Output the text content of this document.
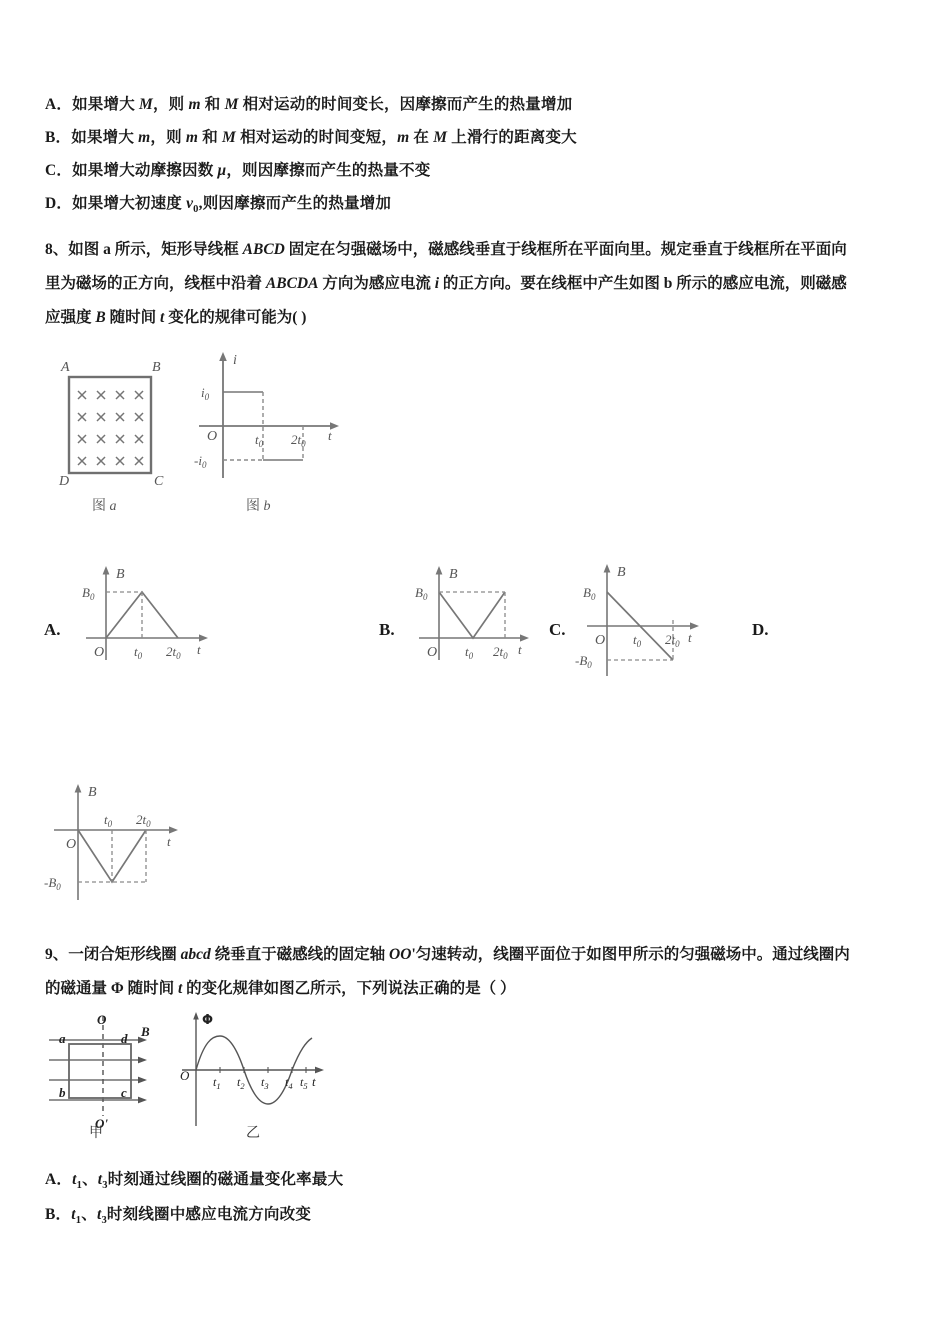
A．如果增大 M，则 m 和 M 相对运动的时间变长，因摩擦而产生的热量增加
B．如果增大 m，则 m 和 M 相对运动的时间变短，m 在 M 上滑行的距离变大
C．如果增大动摩擦因数 μ，则因摩擦而产生的热量不变
D．如果增大初速度 $v_0$,则因摩擦而产生的热量增加
8、如图 a 所示，矩形导线框 ABCD 固定在匀强磁场中，磁感线垂直于线框所在平面向里。规定垂直于线框所在平面向
里为磁场的正方向，线框中沿着 ABCDA 方向为感应电流 i 的正方向。要在线框中产生如图 b 所示的感应电流，则磁感
应强度 B 随时间 t 变化的规律可能为( )
A	B
D	C
图 a
i
t
O
$i_0$
$-i_0$
$t_0$ $2t_0$
图 b
A.
B
t
O
$B_0$
$t_0$ $2t_0$
B.
B
t
O
$B_0$
$t_0$ $2t_0$
C.
B
t
O
$B_0$
$-B_0$
$t_0$ $2t_0$
D.
B
t
O
$-B_0$
$t_0$ $2t_0$
9、一闭合矩形线圈 abcd 绕垂直于磁感线的固定轴 OO'匀速转动，线圈平面位于如图甲所示的匀强磁场中。通过线圈内
的磁通量 Φ 随时间 t 的变化规律如图乙所示，下列说法正确的是（ ）
O
O'
B
a	d
b	c
甲
Φ
t
O $t_1$ $t_2$ $t_3$ $t_4$ $t_5$
乙
A．$t_1$、$t_3$时刻通过线圈的磁通量变化率最大
B．$t_1$、$t_3$时刻线圈中感应电流方向改变
